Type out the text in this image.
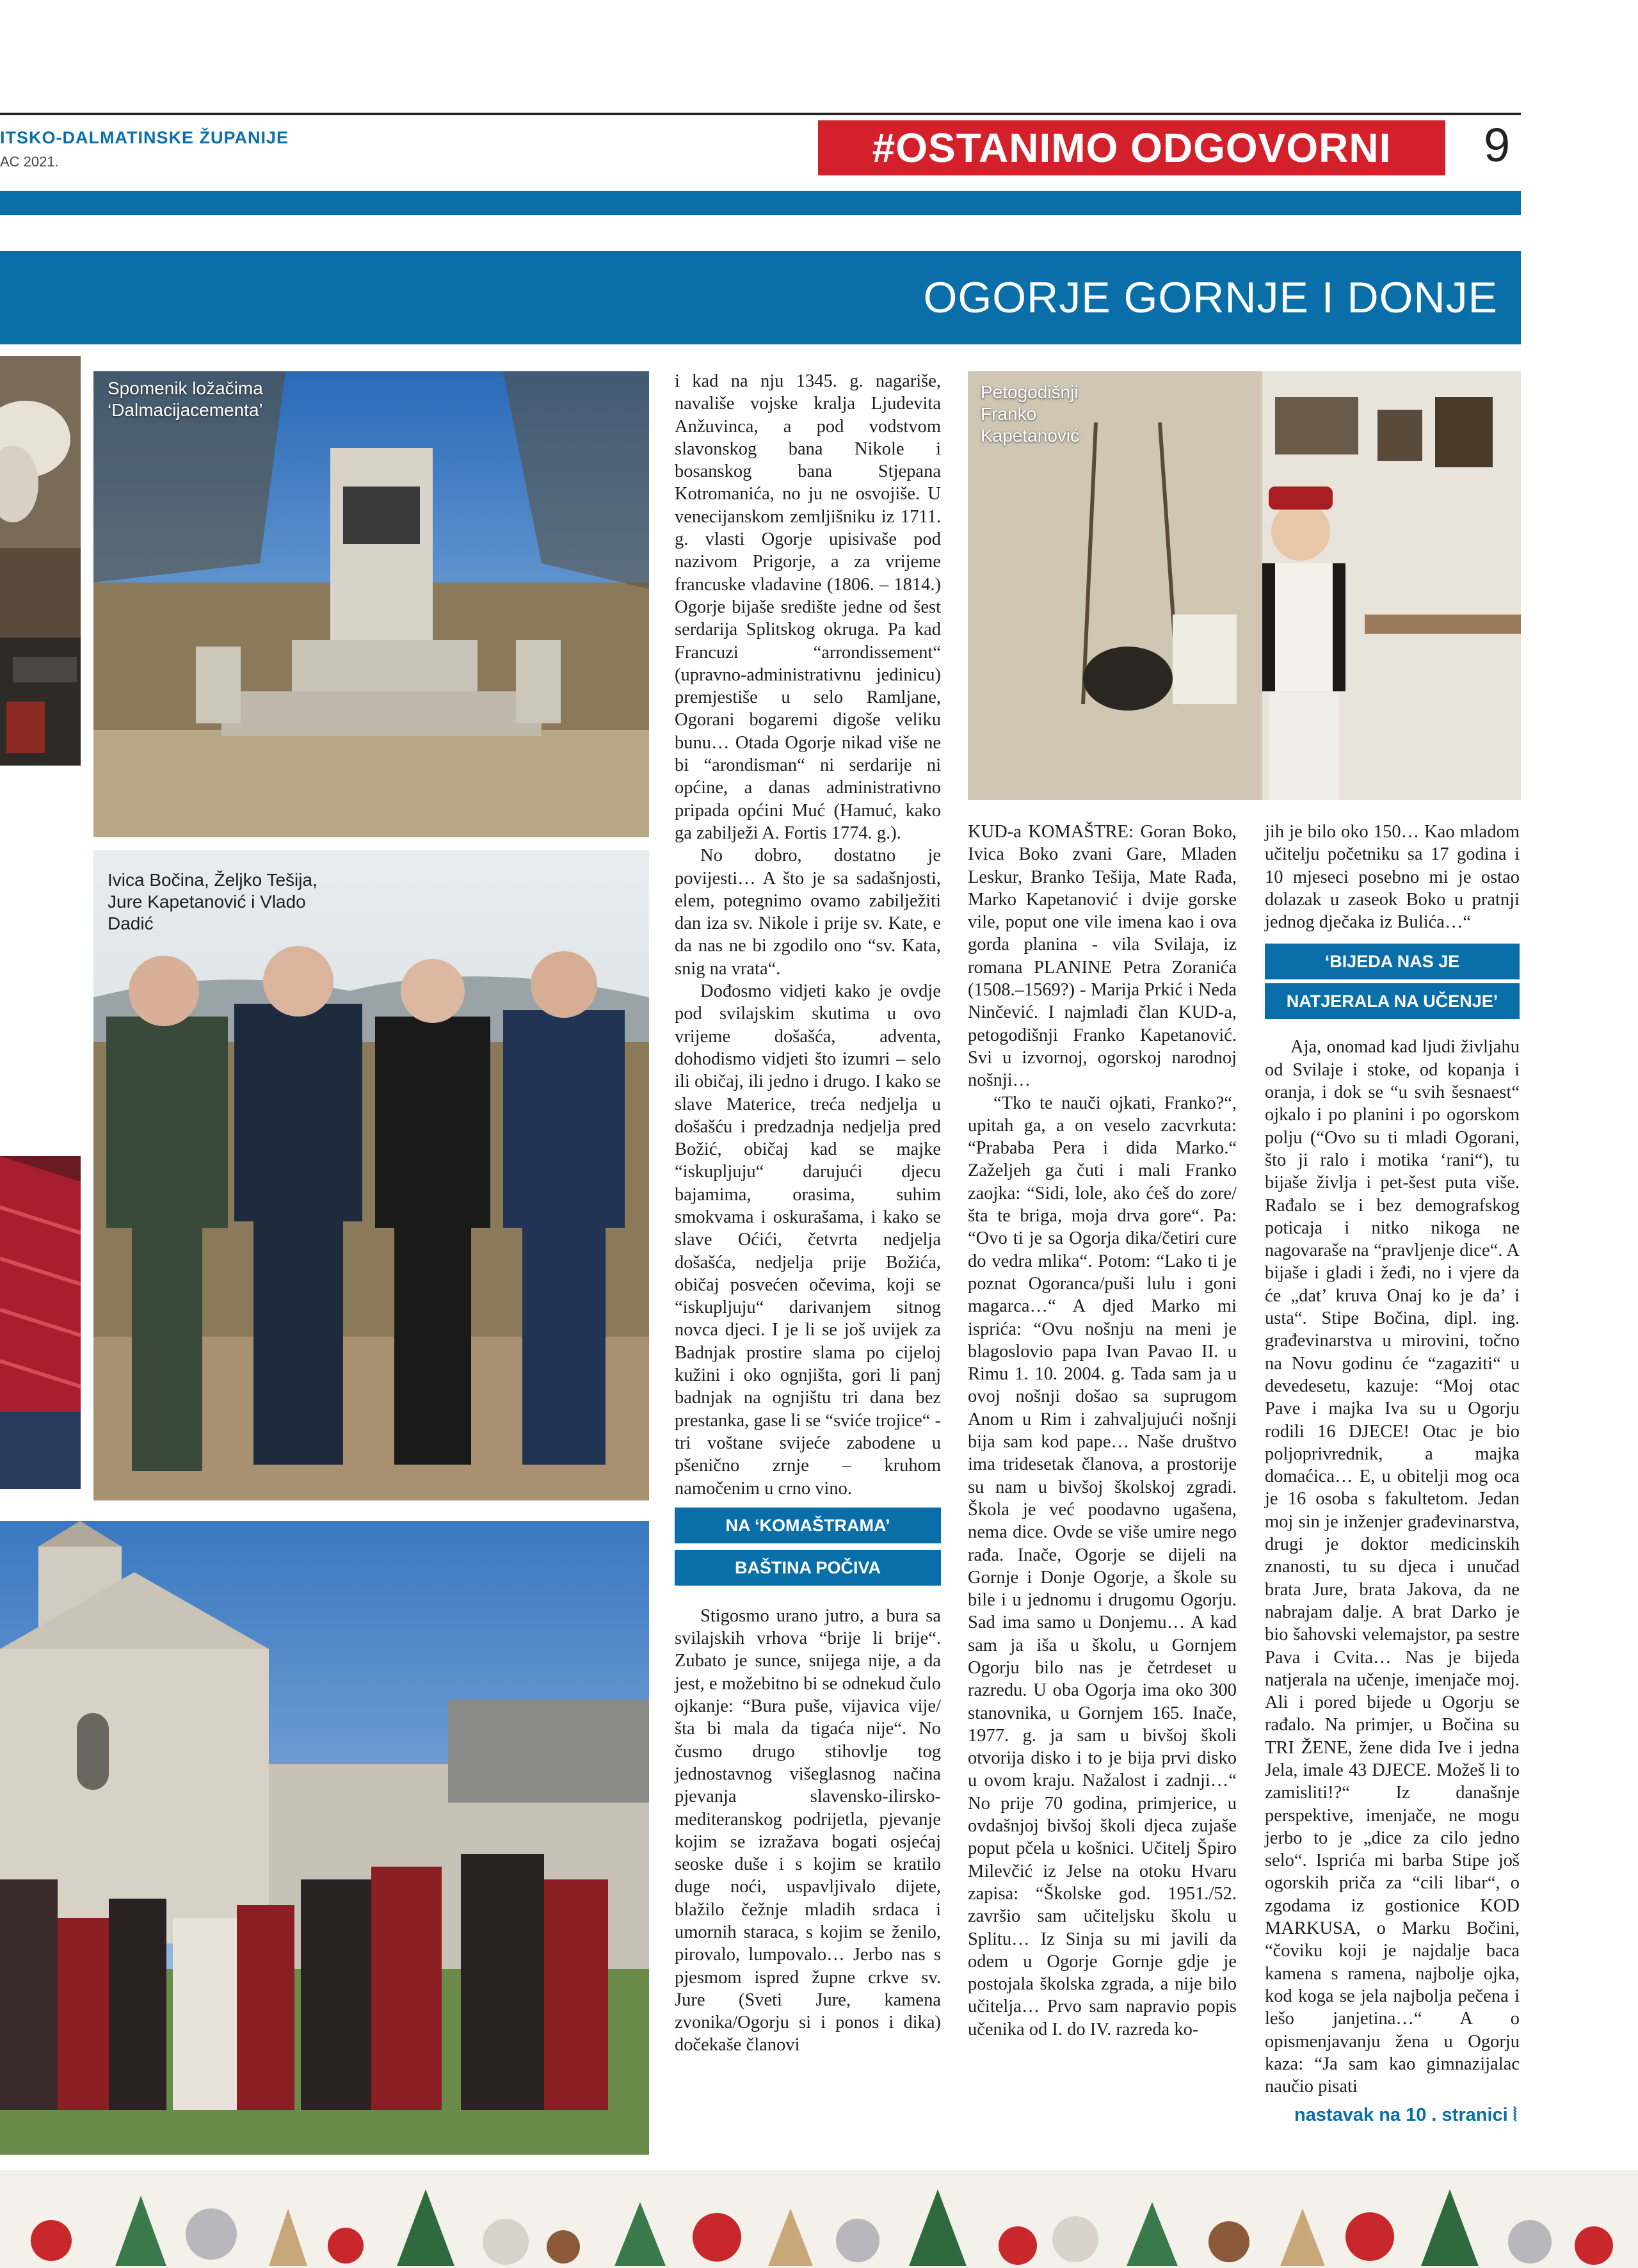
ITSKO-DALMATINSKE ŽUPANIJE
AC 2021.	#OSTANIMO ODGOVORNI	9
OGORJE GORNJE I DONJE
Spomenik ložačima ‘Dalmacijacementa’
Ivica Bočina, Željko Tešija, Jure Kapetanović i Vlado Dadić
Petogodišnji Franko Kapetanović

i kad na nju 1345. g. nagariše, navališe vojske kralja Ljudevita Anžuvinca, a pod vodstvom slavonskog bana Nikole i bosanskog bana Stjepana Kotromanića, no ju ne osvojiše. U venecijanskom zemljišniku iz 1711. g. vlasti Ogorje upisivaše pod nazivom Prigorje, a za vrijeme francuske vladavine (1806. – 1814.) Ogorje bijaše središte jedne od šest serdarija Splitskog okruga. Pa kad Francuzi “arrondissement“ (upravno-administrativnu jedinicu) premjestiše u selo Ramljane, Ogorani bogaremi digoše veliku bunu… Otada Ogorje nikad više ne bi “arondisman“ ni serdarije ni općine, a danas administrativno pripada općini Muć (Hamuć, kako ga zabilježi A. Fortis 1774. g.).

No dobro, dostatno je povijesti… A što je sa sadašnjosti, elem, potegnimo ovamo zabilježiti dan iza sv. Nikole i prije sv. Kate, e da nas ne bi zgodilo ono “sv. Kata, snig na vrata“.

Dođosmo vidjeti kako je ovdje pod svilajskim skutima u ovo vrijeme došašća, adventa, dohodismo vidjeti što izumri – selo ili običaj, ili jedno i drugo. I kako se slave Materice, treća nedjelja u došašću i predzadnja nedjelja pred Božić, običaj kad se majke “iskupljuju“ darujući djecu bajamima, orasima, suhim smokvama i oskurašama, i kako se slave Oćići, četvrta nedjelja došašća, nedjelja prije Božića, običaj posvećen očevima, koji se “iskupljuju“ darivanjem sitnog novca djeci. I je li se još uvijek za Badnjak prostire slama po cijeloj kužini i oko ognjišta, gori li panj badnjak na ognjištu tri dana bez prestanka, gase li se “sviće trojice“ - tri voštane svijeće zabodene u pšenično zrnje – kruhom namočenim u crno vino.

NA ‘KOMAŠTRAMA’
BAŠTINA POČIVA

Stigosmo urano jutro, a bura sa svilajskih vrhova “brije li brije“. Zubato je sunce, snijega nije, a da jest, e možebitno bi se odnekud čulo ojkanje: “Bura puše, vijavica vije/šta bi mala da tigaća nije“. No čusmo drugo stihovlje tog jednostavnog višeglasnog načina pjevanja slavensko-ilirsko-mediteranskog podrijetla, pjevanje kojim se izražava bogati osjećaj seoske duše i s kojim se kratilo duge noći, uspavljivalo dijete, blažilo čežnje mladih srdaca i umornih staraca, s kojim se ženilo, pirovalo, lumpovalo… Jerbo nas s pjesmom ispred župne crkve sv. Jure (Sveti Jure, kamena zvonika/Ogorju si i ponos i dika) dočekaše članovi

KUD-a KOMAŠTRE: Goran Boko, Ivica Boko zvani Gare, Mladen Leskur, Branko Tešija, Mate Rađa, Marko Kapetanović i dvije gorske vile, poput one vile imena kao i ova gorda planina - vila Svilaja, iz romana PLANINE Petra Zoranića (1508.–1569?) - Marija Prkić i Neda Ninčević. I najmlađi član KUD-a, petogodišnji Franko Kapetanović. Svi u izvornoj, ogorskoj narodnoj nošnji…

“Tko te nauči ojkati, Franko?“, upitah ga, a on veselo zacvrkuta: “Prababa Pera i dida Marko.“ Zaželjeh ga čuti i mali Franko zaojka: “Sidi, lole, ako ćeš do zore/šta te briga, moja drva gore“. Pa: “Ovo ti je sa Ogorja dika/četiri cure do vedra mlika“. Potom: “Lako ti je poznat Ogoranca/puši lulu i goni magarca…“ A djed Marko mi isprića: “Ovu nošnju na meni je blagoslovio papa Ivan Pavao II. u Rimu 1. 10. 2004. g. Tada sam ja u ovoj nošnji došao sa suprugom Anom u Rim i zahvaljujući nošnji bija sam kod pape… Naše društvo ima tridesetak članova, a prostorije su nam u bivšoj školskoj zgradi. Škola je već poodavno ugašena, nema dice. Ovde se više umire nego rađa. Inače, Ogorje se dijeli na Gornje i Donje Ogorje, a škole su bile i u jednomu i drugomu Ogorju. Sad ima samo u Donjemu… A kad sam ja iša u školu, u Gornjem Ogorju bilo nas je četrdeset u razredu. U oba Ogorja ima oko 300 stanovnika, u Gornjem 165. Inače, 1977. g. ja sam u bivšoj školi otvorija disko i to je bija prvi disko u ovom kraju. Nažalost i zadnji…“ No prije 70 godina, primjerice, u ovdašnjoj bivšoj školi djeca zujaše poput pčela u košnici. Učitelj Špiro Milevčić iz Jelse na otoku Hvaru zapisa: “Školske god. 1951./52. završio sam učiteljsku školu u Splitu… Iz Sinja su mi javili da odem u Ogorje Gornje gdje je postojala školska zgrada, a nije bilo učitelja… Prvo sam napravio popis učenika od I. do IV. razreda ko-

jih je bilo oko 150… Kao mladom učitelju početniku sa 17 godina i 10 mjeseci posebno mi je ostao dolazak u zaseok Boko u pratnji jednog dječaka iz Bulića…“

‘BIJEDA NAS JE
NATJERALA NA UČENJE’

Aja, onomad kad ljudi življahu od Svilaje i stoke, od kopanja i oranja, i dok se “u svih šesnaest“ ojkalo i po planini i po ogorskom polju (“Ovo su ti mladi Ogorani, što ji ralo i motika ‘rani“), tu bijaše življa i pet-šest puta više. Rađalo se i bez demografskog poticaja i nitko nikoga ne nagovaraše na “pravljenje dice“. A bijaše i gladi i žeđi, no i vjere da će „dat’ kruva Onaj ko je da’ i usta“. Stipe Bočina, dipl. ing. građevinarstva u mirovini, točno na Novu godinu će “zagaziti“ u devedesetu, kazuje: “Moj otac Pave i majka Iva su u Ogorju rodili 16 DJECE! Otac je bio poljoprivrednik, a majka domaćica… E, u obitelji mog oca je 16 osoba s fakultetom. Jedan moj sin je inženjer građevinarstva, drugi je doktor medicinskih znanosti, tu su djeca i unučad brata Jure, brata Jakova, da ne nabrajam dalje. A brat Darko je bio šahovski velemajstor, pa sestre Pava i Cvita… Nas je bijeda natjerala na učenje, imenjače moj. Ali i pored bijede u Ogorju se rađalo. Na primjer, u Bočina su TRI ŽENE, žene dida Ive i jedna Jela, imale 43 DJECE. Možeš li to zamisliti!?“ Iz današnje perspektive, imenjače, ne mogu jerbo to je „dice za cilo jedno selo“. Isprića mi barba Stipe još ogorskih priča za “cili libar“, o zgodama iz gostionice KOD MARKUSA, o Marku Bočini, “čoviku koji je najdalje baca kamena s ramena, najbolje ojka, kod koga se jela najbolja pečena i lešo janjetina…“ A o opismenjavanju žena u Ogorju kaza: “Ja sam kao gimnazijalac naučio pisati

nastavak na 10 . stranici ⦚
